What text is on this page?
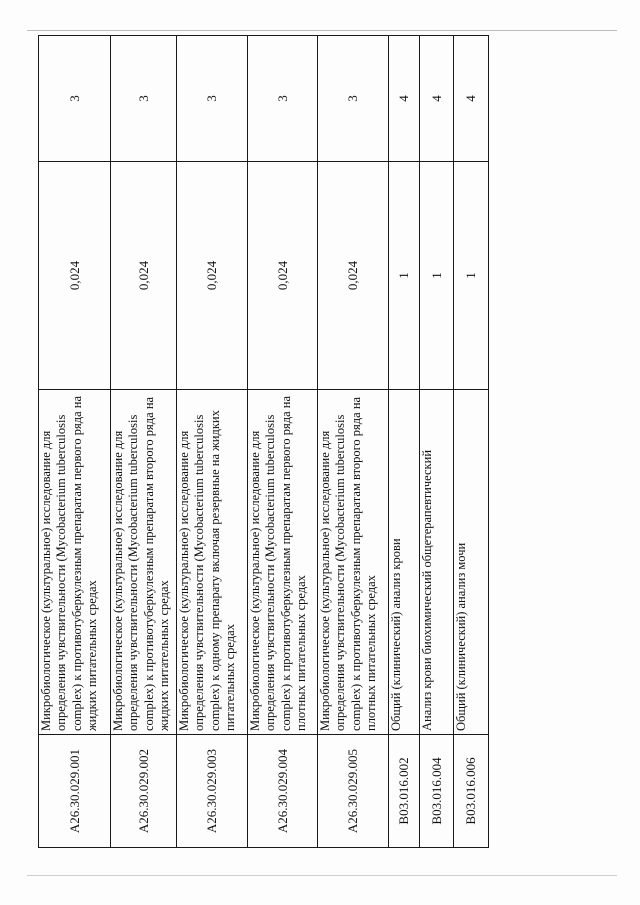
A26.30.029.001	Микробиологическое (культуральное) исследование для определения чувствительности (Mycobacterium tuberculosis complex) к противотуберкулезным препаратам первого ряда на жидких питательных средах	0,024	3
A26.30.029.002	Микробиологическое (культуральное) исследование для определения чувствительности (Mycobacterium tuberculosis complex) к противотуберкулезным препаратам второго ряда на жидких питательных средах	0,024	3
A26.30.029.003	Микробиологическое (культуральное) исследование для определения чувствительности (Mycobacterium tuberculosis complex) к одному препарату включая резервные на жидких питательных средах	0,024	3
A26.30.029.004	Микробиологическое (культуральное) исследование для определения чувствительности (Mycobacterium tuberculosis complex) к противотуберкулезным препаратам первого ряда на плотных питательных средах	0,024	3
A26.30.029.005	Микробиологическое (культуральное) исследование для определения чувствительности (Mycobacterium tuberculosis complex) к противотуберкулезным препаратам второго ряда на плотных питательных средах	0,024	3
B03.016.002	Общий (клинический) анализ крови	1	4
B03.016.004	Анализ крови биохимический общетерапевтический	1	4
B03.016.006	Общий (клинический) анализ мочи	1	4
